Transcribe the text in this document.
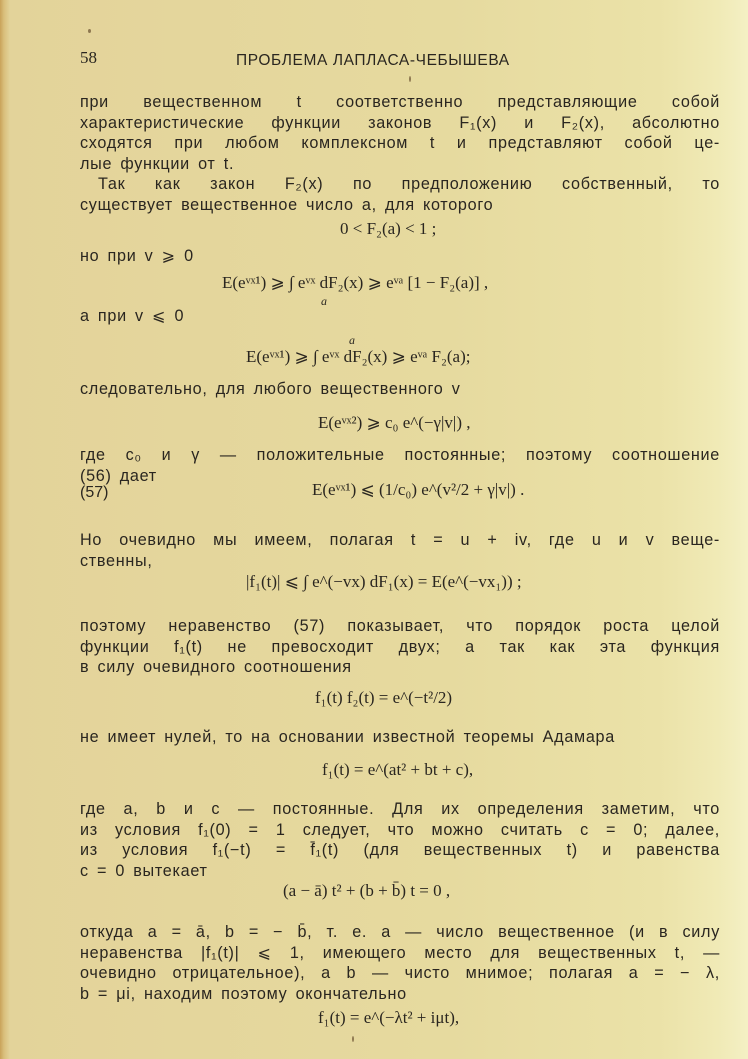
58	ПРОБЛЕМА ЛАПЛАСА-ЧЕБЫШЕВА
при вещественном t соответственно представляющие собой
характеристические функции законов F₁(x) и F₂(x), абсолютно
сходятся при любом комплексном t и представляют собой це-
лые функции от t.
Так как закон F₂(x) по предположению собственный, то
существует вещественное число a, для которого
0 < F₂(a) < 1 ;
но при v ⩾ 0
E(eᵛˣ¹) ⩾ ∫ eᵛˣ dF₂(x) ⩾ eᵛᵃ [1 − F₂(a)] ,
a
а при v ⩽ 0
a
E(eᵛˣ¹) ⩾ ∫ eᵛˣ dF₂(x) ⩾ eᵛᵃ F₂(a);
следовательно, для любого вещественного v
E(eᵛˣ²) ⩾ c₀ e^(−γ|v|) ,
где c₀ и γ — положительные постоянные; поэтому соотношение
(56) дает
(57)	E(eᵛˣ¹) ⩽ (1/c₀) e^(v²/2 + γ|v|) .
Но очевидно мы имеем, полагая t = u + iv, где u и v веще-
ственны,
|f₁(t)| ⩽ ∫ e^(−vx) dF₁(x) = E(e^(−vx₁)) ;
поэтому неравенство (57) показывает, что порядок роста целой
функции f₁(t) не превосходит двух; а так как эта функция
в силу очевидного соотношения
f₁(t) f₂(t) = e^(−t²/2)
не имеет нулей, то на основании известной теоремы Адамара
f₁(t) = e^(at² + bt + c),
где a, b и c — постоянные. Для их определения заметим, что
из условия f₁(0) = 1 следует, что можно считать c = 0; далее,
из условия f₁(−t) = f̄₁(t) (для вещественных t) и равенства
c = 0 вытекает
(a − ā) t² + (b + b̄) t = 0 ,
откуда a = ā, b = − b̄, т. е. a — число вещественное (и в силу
неравенства |f₁(t)| ⩽ 1, имеющего место для вещественных t, —
очевидно отрицательное), а b — чисто мнимое; полагая a = − λ,
b = μi, находим поэтому окончательно
f₁(t) = e^(−λt² + iμt),
